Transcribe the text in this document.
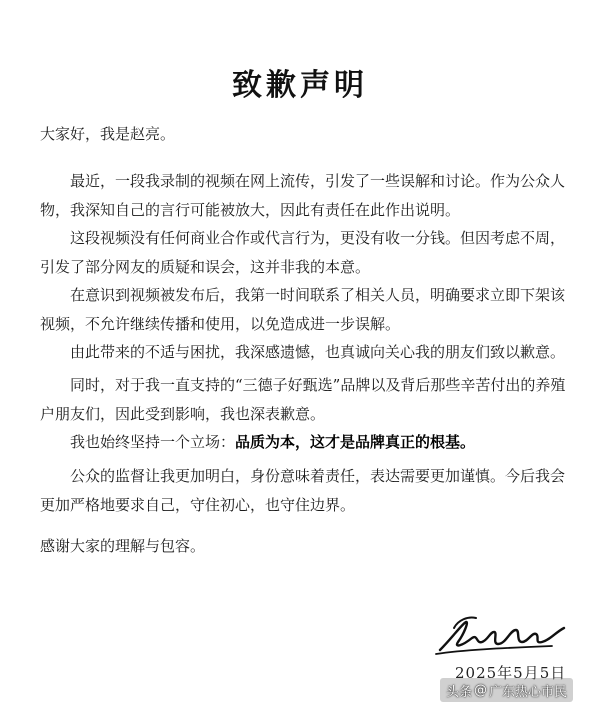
致歉声明
大家好，我是赵亮。
最近，一段我录制的视频在网上流传，引发了一些误解和讨论。作为公众人物，我深知自己的言行可能被放大，因此有责任在此作出说明。
这段视频没有任何商业合作或代言行为，更没有收一分钱。但因考虑不周，引发了部分网友的质疑和误会，这并非我的本意。
在意识到视频被发布后，我第一时间联系了相关人员，明确要求立即下架该视频，不允许继续传播和使用，以免造成进一步误解。
由此带来的不适与困扰，我深感遗憾，也真诚向关心我的朋友们致以歉意。
同时，对于我一直支持的“三德子好甄选”品牌以及背后那些辛苦付出的养殖户朋友们，因此受到影响，我也深表歉意。
我也始终坚持一个立场：品质为本，这才是品牌真正的根基。
公众的监督让我更加明白，身份意味着责任，表达需要更加谨慎。今后我会更加严格地要求自己，守住初心，也守住边界。
感谢大家的理解与包容。
2025年5月5日
头条 @ 广东热心市民
